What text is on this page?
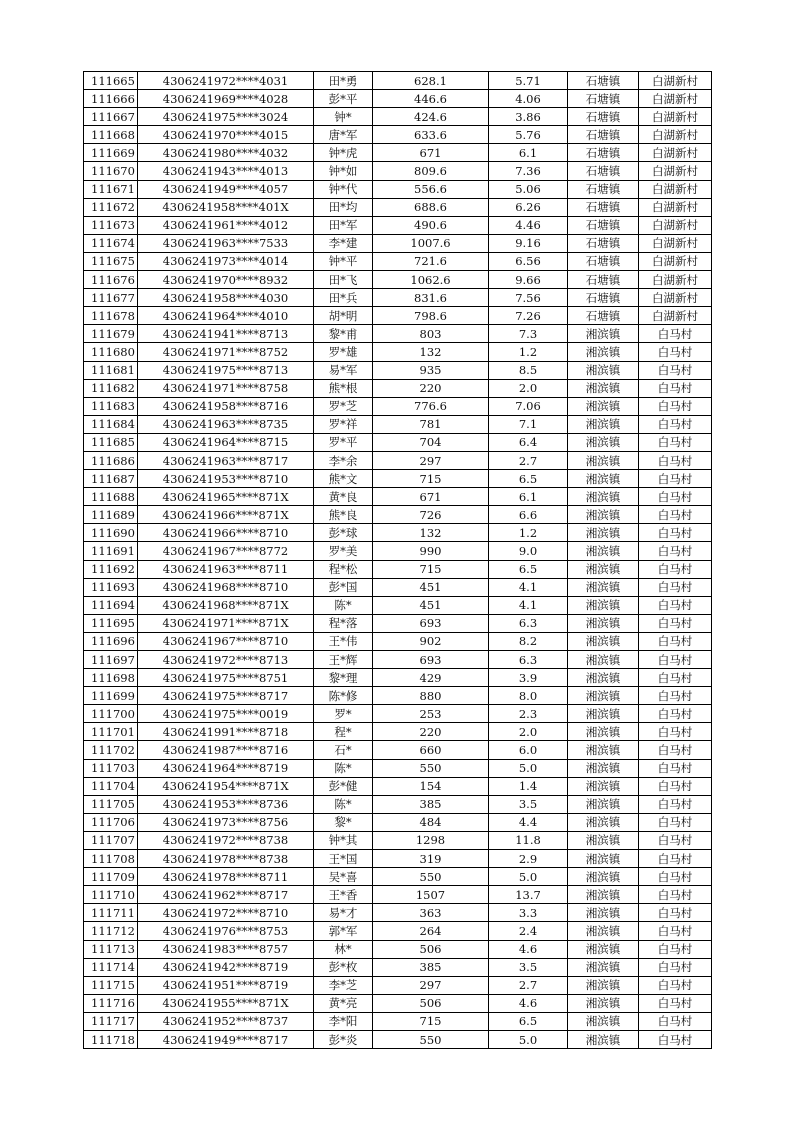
111665	4306241972****4031	田*勇	628.1	5.71	石塘镇	白湖新村
111666	4306241969****4028	彭*平	446.6	4.06	石塘镇	白湖新村
111667	4306241975****3024	钟*	424.6	3.86	石塘镇	白湖新村
111668	4306241970****4015	唐*军	633.6	5.76	石塘镇	白湖新村
111669	4306241980****4032	钟*虎	671	6.1	石塘镇	白湖新村
111670	4306241943****4013	钟*如	809.6	7.36	石塘镇	白湖新村
111671	4306241949****4057	钟*代	556.6	5.06	石塘镇	白湖新村
111672	4306241958****401X	田*均	688.6	6.26	石塘镇	白湖新村
111673	4306241961****4012	田*军	490.6	4.46	石塘镇	白湖新村
111674	4306241963****7533	李*建	1007.6	9.16	石塘镇	白湖新村
111675	4306241973****4014	钟*平	721.6	6.56	石塘镇	白湖新村
111676	4306241970****8932	田*飞	1062.6	9.66	石塘镇	白湖新村
111677	4306241958****4030	田*兵	831.6	7.56	石塘镇	白湖新村
111678	4306241964****4010	胡*明	798.6	7.26	石塘镇	白湖新村
111679	4306241941****8713	黎*甫	803	7.3	湘滨镇	白马村
111680	4306241971****8752	罗*雄	132	1.2	湘滨镇	白马村
111681	4306241975****8713	易*军	935	8.5	湘滨镇	白马村
111682	4306241971****8758	熊*根	220	2.0	湘滨镇	白马村
111683	4306241958****8716	罗*芝	776.6	7.06	湘滨镇	白马村
111684	4306241963****8735	罗*祥	781	7.1	湘滨镇	白马村
111685	4306241964****8715	罗*平	704	6.4	湘滨镇	白马村
111686	4306241963****8717	李*余	297	2.7	湘滨镇	白马村
111687	4306241953****8710	熊*文	715	6.5	湘滨镇	白马村
111688	4306241965****871X	黄*良	671	6.1	湘滨镇	白马村
111689	4306241966****871X	熊*良	726	6.6	湘滨镇	白马村
111690	4306241966****8710	彭*球	132	1.2	湘滨镇	白马村
111691	4306241967****8772	罗*美	990	9.0	湘滨镇	白马村
111692	4306241963****8711	程*松	715	6.5	湘滨镇	白马村
111693	4306241968****8710	彭*国	451	4.1	湘滨镇	白马村
111694	4306241968****871X	陈*	451	4.1	湘滨镇	白马村
111695	4306241971****871X	程*落	693	6.3	湘滨镇	白马村
111696	4306241967****8710	王*伟	902	8.2	湘滨镇	白马村
111697	4306241972****8713	王*辉	693	6.3	湘滨镇	白马村
111698	4306241975****8751	黎*理	429	3.9	湘滨镇	白马村
111699	4306241975****8717	陈*修	880	8.0	湘滨镇	白马村
111700	4306241975****0019	罗*	253	2.3	湘滨镇	白马村
111701	4306241991****8718	程*	220	2.0	湘滨镇	白马村
111702	4306241987****8716	石*	660	6.0	湘滨镇	白马村
111703	4306241964****8719	陈*	550	5.0	湘滨镇	白马村
111704	4306241954****871X	彭*健	154	1.4	湘滨镇	白马村
111705	4306241953****8736	陈*	385	3.5	湘滨镇	白马村
111706	4306241973****8756	黎*	484	4.4	湘滨镇	白马村
111707	4306241972****8738	钟*其	1298	11.8	湘滨镇	白马村
111708	4306241978****8738	王*国	319	2.9	湘滨镇	白马村
111709	4306241978****8711	吴*喜	550	5.0	湘滨镇	白马村
111710	4306241962****8717	王*香	1507	13.7	湘滨镇	白马村
111711	4306241972****8710	易*才	363	3.3	湘滨镇	白马村
111712	4306241976****8753	郭*军	264	2.4	湘滨镇	白马村
111713	4306241983****8757	林*	506	4.6	湘滨镇	白马村
111714	4306241942****8719	彭*枚	385	3.5	湘滨镇	白马村
111715	4306241951****8719	李*芝	297	2.7	湘滨镇	白马村
111716	4306241955****871X	黄*亮	506	4.6	湘滨镇	白马村
111717	4306241952****8737	李*阳	715	6.5	湘滨镇	白马村
111718	4306241949****8717	彭*炎	550	5.0	湘滨镇	白马村
